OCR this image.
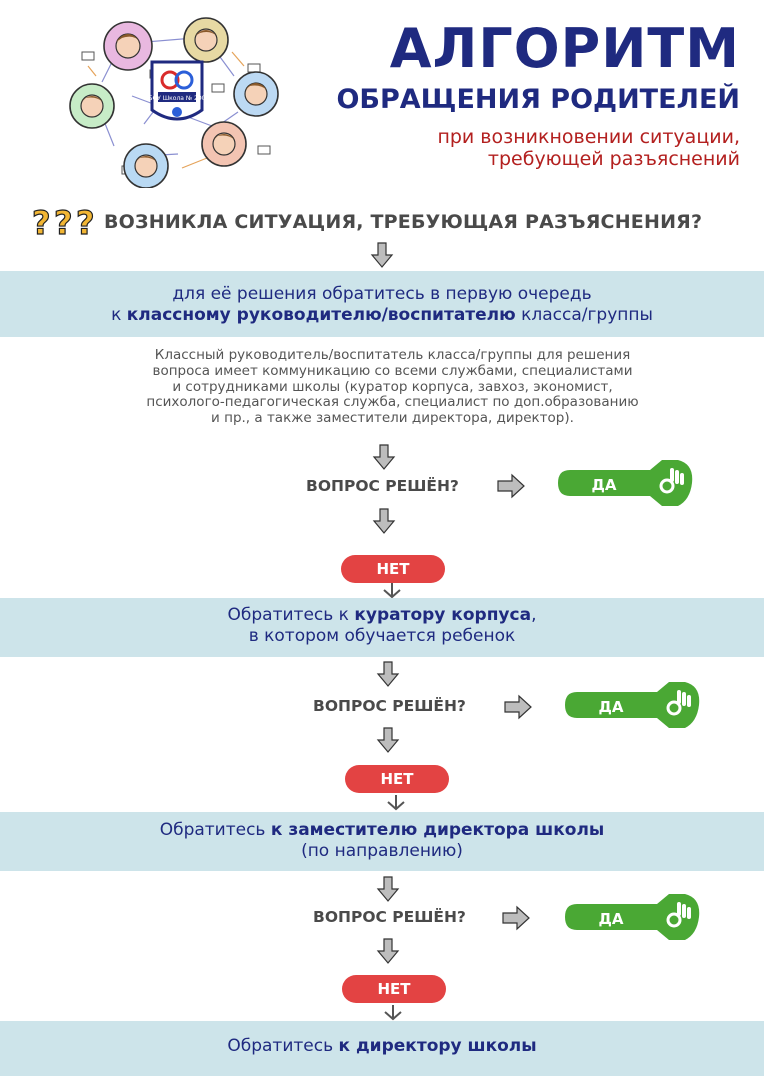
ГБОУ Школа № 2007
АЛГОРИТМ
ОБРАЩЕНИЯ РОДИТЕЛЕЙ
при возникновении ситуации,
требующей разъяснений
? ? ? ВОЗНИКЛА СИТУАЦИЯ, ТРЕБУЮЩАЯ РАЗЪЯСНЕНИЯ?
для её решения обратитесь в первую очередь
к классному руководителю/воспитателю класса/группы
Классный руководитель/воспитатель класса/группы для решения
вопроса имеет коммуникацию со всеми службами, специалистами
и сотрудниками школы (куратор корпуса, завхоз, экономист,
психолого-педагогическая служба, специалист по доп.образованию
и пр., а также заместители директора, директор).
ВОПРОС РЕШЁН?	ДА
НЕТ
Обратитесь к куратору корпуса,
в котором обучается ребенок
ВОПРОС РЕШЁН?	ДА
НЕТ
Обратитесь к заместителю директора школы
(по направлению)
ВОПРОС РЕШЁН?	ДА
НЕТ
Обратитесь к директору школы
